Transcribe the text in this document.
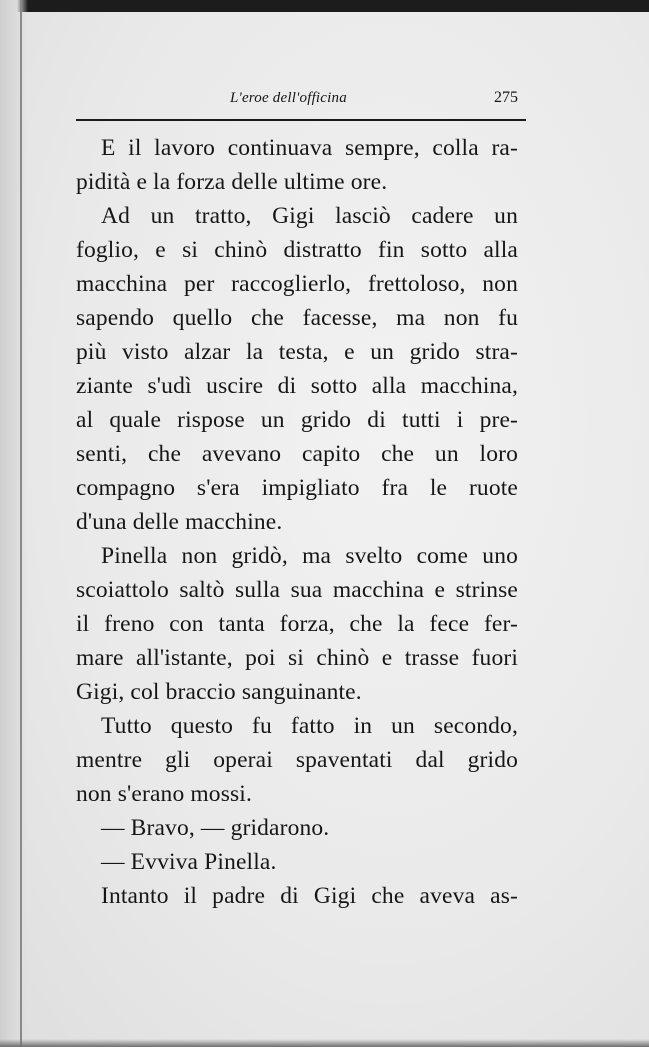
L'eroe dell'officina	275
E il lavoro continuava sempre, colla ra-
pidità e la forza delle ultime ore.
Ad un tratto, Gigi lasciò cadere un
foglio, e si chinò distratto fin sotto alla
macchina per raccoglierlo, frettoloso, non
sapendo quello che facesse, ma non fu
più visto alzar la testa, e un grido stra-
ziante s'udì uscire di sotto alla macchina,
al quale rispose un grido di tutti i pre-
senti, che avevano capito che un loro
compagno s'era impigliato fra le ruote
d'una delle macchine.
Pinella non gridò, ma svelto come uno
scoiattolo saltò sulla sua macchina e strinse
il freno con tanta forza, che la fece fer-
mare all'istante, poi si chinò e trasse fuori
Gigi, col braccio sanguinante.
Tutto questo fu fatto in un secondo,
mentre gli operai spaventati dal grido
non s'erano mossi.
— Bravo, — gridarono.
— Evviva Pinella.
Intanto il padre di Gigi che aveva as-
